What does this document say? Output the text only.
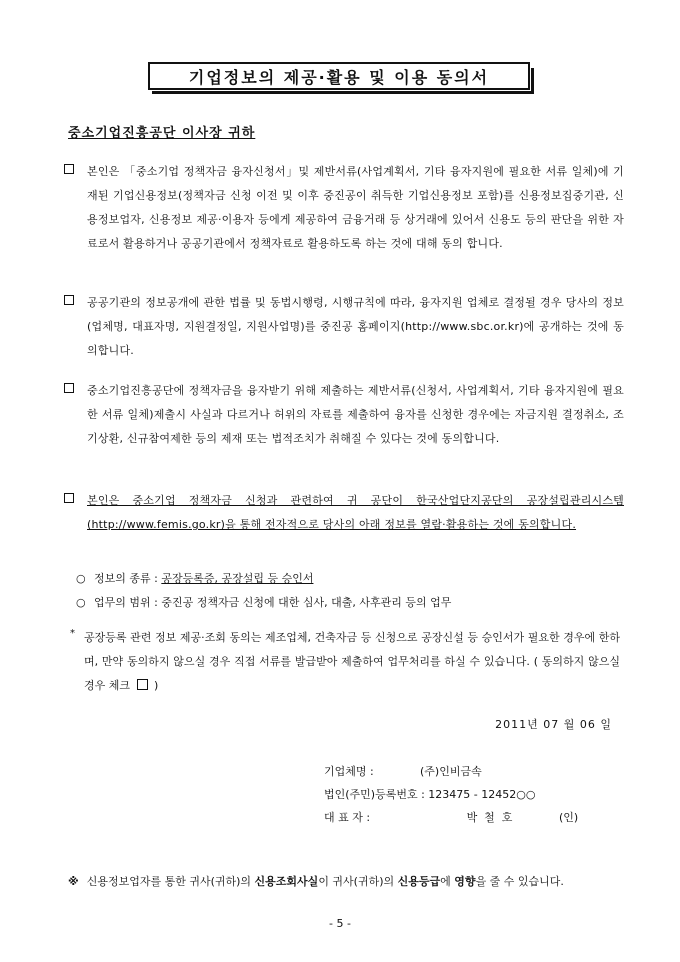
기업정보의 제공·활용 및 이용 동의서
중소기업진흥공단 이사장 귀하
본인은 「중소기업 정책자금 융자신청서」및 제반서류(사업계획서, 기타 융자지원에 필요한 서류 일체)에 기재된 기업신용정보(정책자금 신청 이전 및 이후 중진공이 취득한 기업신용정보 포함)를 신용정보집중기관, 신용정보업자, 신용정보 제공·이용자 등에게 제공하여 금융거래 등 상거래에 있어서 신용도 등의 판단을 위한 자료로서 활용하거나 공공기관에서 정책자료로 활용하도록 하는 것에 대해 동의 합니다.
공공기관의 정보공개에 관한 법률 및 동법시행령, 시행규칙에 따라, 융자지원 업체로 결정될 경우 당사의 정보(업체명, 대표자명, 지원결정일, 지원사업명)를 중진공 홈페이지(http://www.sbc.or.kr)에 공개하는 것에 동의합니다.
중소기업진흥공단에 정책자금을 융자받기 위해 제출하는 제반서류(신청서, 사업계획서, 기타 융자지원에 필요한 서류 일체)제출시 사실과 다르거나 허위의 자료를 제출하여 융자를 신청한 경우에는 자금지원 결정취소, 조기상환, 신규참여제한 등의 제재 또는 법적조치가 취해질 수 있다는 것에 동의합니다.
본인은 중소기업 정책자금 신청과 관련하여 귀 공단이 한국산업단지공단의 공장설립관리시스템(http://www.femis.go.kr)을 통해 전자적으로 당사의 아래 정보를 열람·활용하는 것에 동의합니다.
○ 정보의 종류 : 공장등록증, 공장설립 등 승인서
○ 업무의 범위 : 중진공 정책자금 신청에 대한 심사, 대출, 사후관리 등의 업무
* 공장등록 관련 정보 제공·조회 동의는 제조업체, 건축자금 등 신청으로 공장신설 등 승인서가 필요한 경우에 한하며, 만약 동의하지 않으실 경우 직접 서류를 발급받아 제출하여 업무처리를 하실 수 있습니다. ( 동의하지 않으실 경우 체크 )
2011년 07 월 06 일
기업체명 :	(주)인비금속
법인(주민)등록번호 : 123475 - 12452○○
대 표 자 :	박  철  호	(인)
※ 신용정보업자를 통한 귀사(귀하)의 신용조회사실이 귀사(귀하)의 신용등급에 영향을 줄 수 있습니다.
- 5 -
